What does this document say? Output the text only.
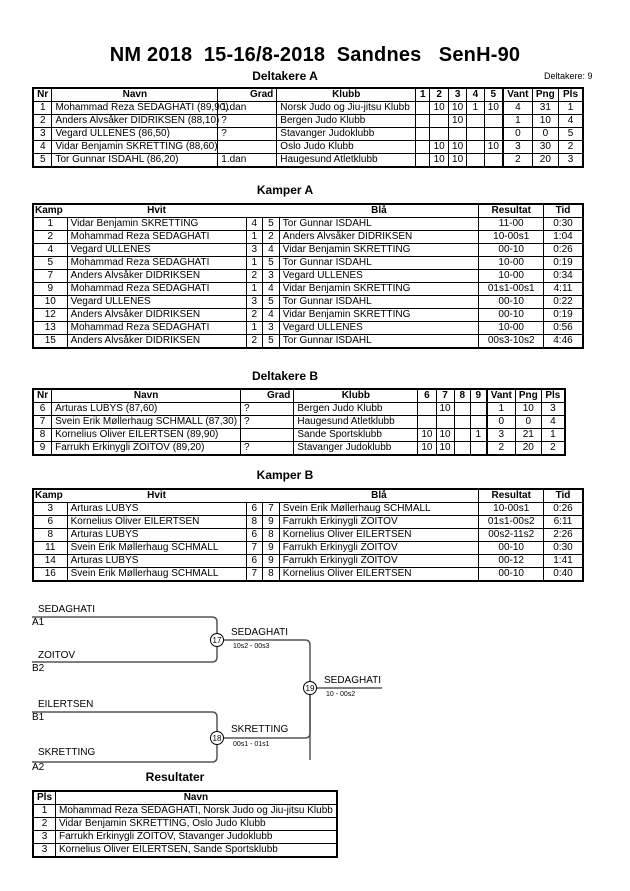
NM 2018 15-16/8-2018 Sandnes SenH-90
Deltakere A	Deltakere: 9
Nr	Navn	Grad	Klubb	1	2	3	4	5	Vant	Png	Pls
1	Mohammad Reza SEDAGHATI (89,90)	1.dan	Norsk Judo og Jiu-jitsu Klubb		10	10	1	10	4	31	1
2	Anders Alvsåker DIDRIKSEN (88,10)	?	Bergen Judo Klubb			10			1	10	4
3	Vegard ULLENES (86,50)	?	Stavanger Judoklubb						0	0	5
4	Vidar Benjamin SKRETTING (88,60)		Oslo Judo Klubb		10	10		10	3	30	2
5	Tor Gunnar ISDAHL (86,20)	1.dan	Haugesund Atletklubb		10	10			2	20	3
Kamper A
Kamp	Hvit			Blå	Resultat	Tid
1	Vidar Benjamin SKRETTING	4	5	Tor Gunnar ISDAHL	11-00	0:30
2	Mohammad Reza SEDAGHATI	1	2	Anders Alvsåker DIDRIKSEN	10-00s1	1:04
4	Vegard ULLENES	3	4	Vidar Benjamin SKRETTING	00-10	0:26
5	Mohammad Reza SEDAGHATI	1	5	Tor Gunnar ISDAHL	10-00	0:19
7	Anders Alvsåker DIDRIKSEN	2	3	Vegard ULLENES	10-00	0:34
9	Mohammad Reza SEDAGHATI	1	4	Vidar Benjamin SKRETTING	01s1-00s1	4:11
10	Vegard ULLENES	3	5	Tor Gunnar ISDAHL	00-10	0:22
12	Anders Alvsåker DIDRIKSEN	2	4	Vidar Benjamin SKRETTING	00-10	0:19
13	Mohammad Reza SEDAGHATI	1	3	Vegard ULLENES	10-00	0:56
15	Anders Alvsåker DIDRIKSEN	2	5	Tor Gunnar ISDAHL	00s3-10s2	4:46
Deltakere B
Nr	Navn	Grad	Klubb	6	7	8	9	Vant	Png	Pls
6	Arturas LUBYS (87,60)	?	Bergen Judo Klubb		10			1	10	3
7	Svein Erik Møllerhaug SCHMALL (87,30)	?	Haugesund Atletklubb					0	0	4
8	Kornelius Oliver EILERTSEN (89,90)		Sande Sportsklubb	10	10		1	3	21	1
9	Farrukh Erkinygli ZOITOV (89,20)	?	Stavanger Judoklubb	10	10			2	20	2
Kamper B
Kamp	Hvit			Blå	Resultat	Tid
3	Arturas LUBYS	6	7	Svein Erik Møllerhaug SCHMALL	10-00s1	0:26
6	Kornelius Oliver EILERTSEN	8	9	Farrukh Erkinygli ZOITOV	01s1-00s2	6:11
8	Arturas LUBYS	6	8	Kornelius Oliver EILERTSEN	00s2-11s2	2:26
11	Svein Erik Møllerhaug SCHMALL	7	9	Farrukh Erkinygli ZOITOV	00-10	0:30
14	Arturas LUBYS	6	9	Farrukh Erkinygli ZOITOV	00-12	1:41
16	Svein Erik Møllerhaug SCHMALL	7	8	Kornelius Oliver EILERTSEN	00-10	0:40
SEDAGHATI
A1
ZOITOV
B2
17
SEDAGHATI
10s2 - 00s3
EILERTSEN
B1
SKRETTING
A2
18
SKRETTING
00s1 - 01s1
19
SEDAGHATI
10 - 00s2
Resultater
Pls	Navn
1	Mohammad Reza SEDAGHATI, Norsk Judo og Jiu-jitsu Klubb
2	Vidar Benjamin SKRETTING, Oslo Judo Klubb
3	Farrukh Erkinygli ZOITOV, Stavanger Judoklubb
3	Kornelius Oliver EILERTSEN, Sande Sportsklubb
